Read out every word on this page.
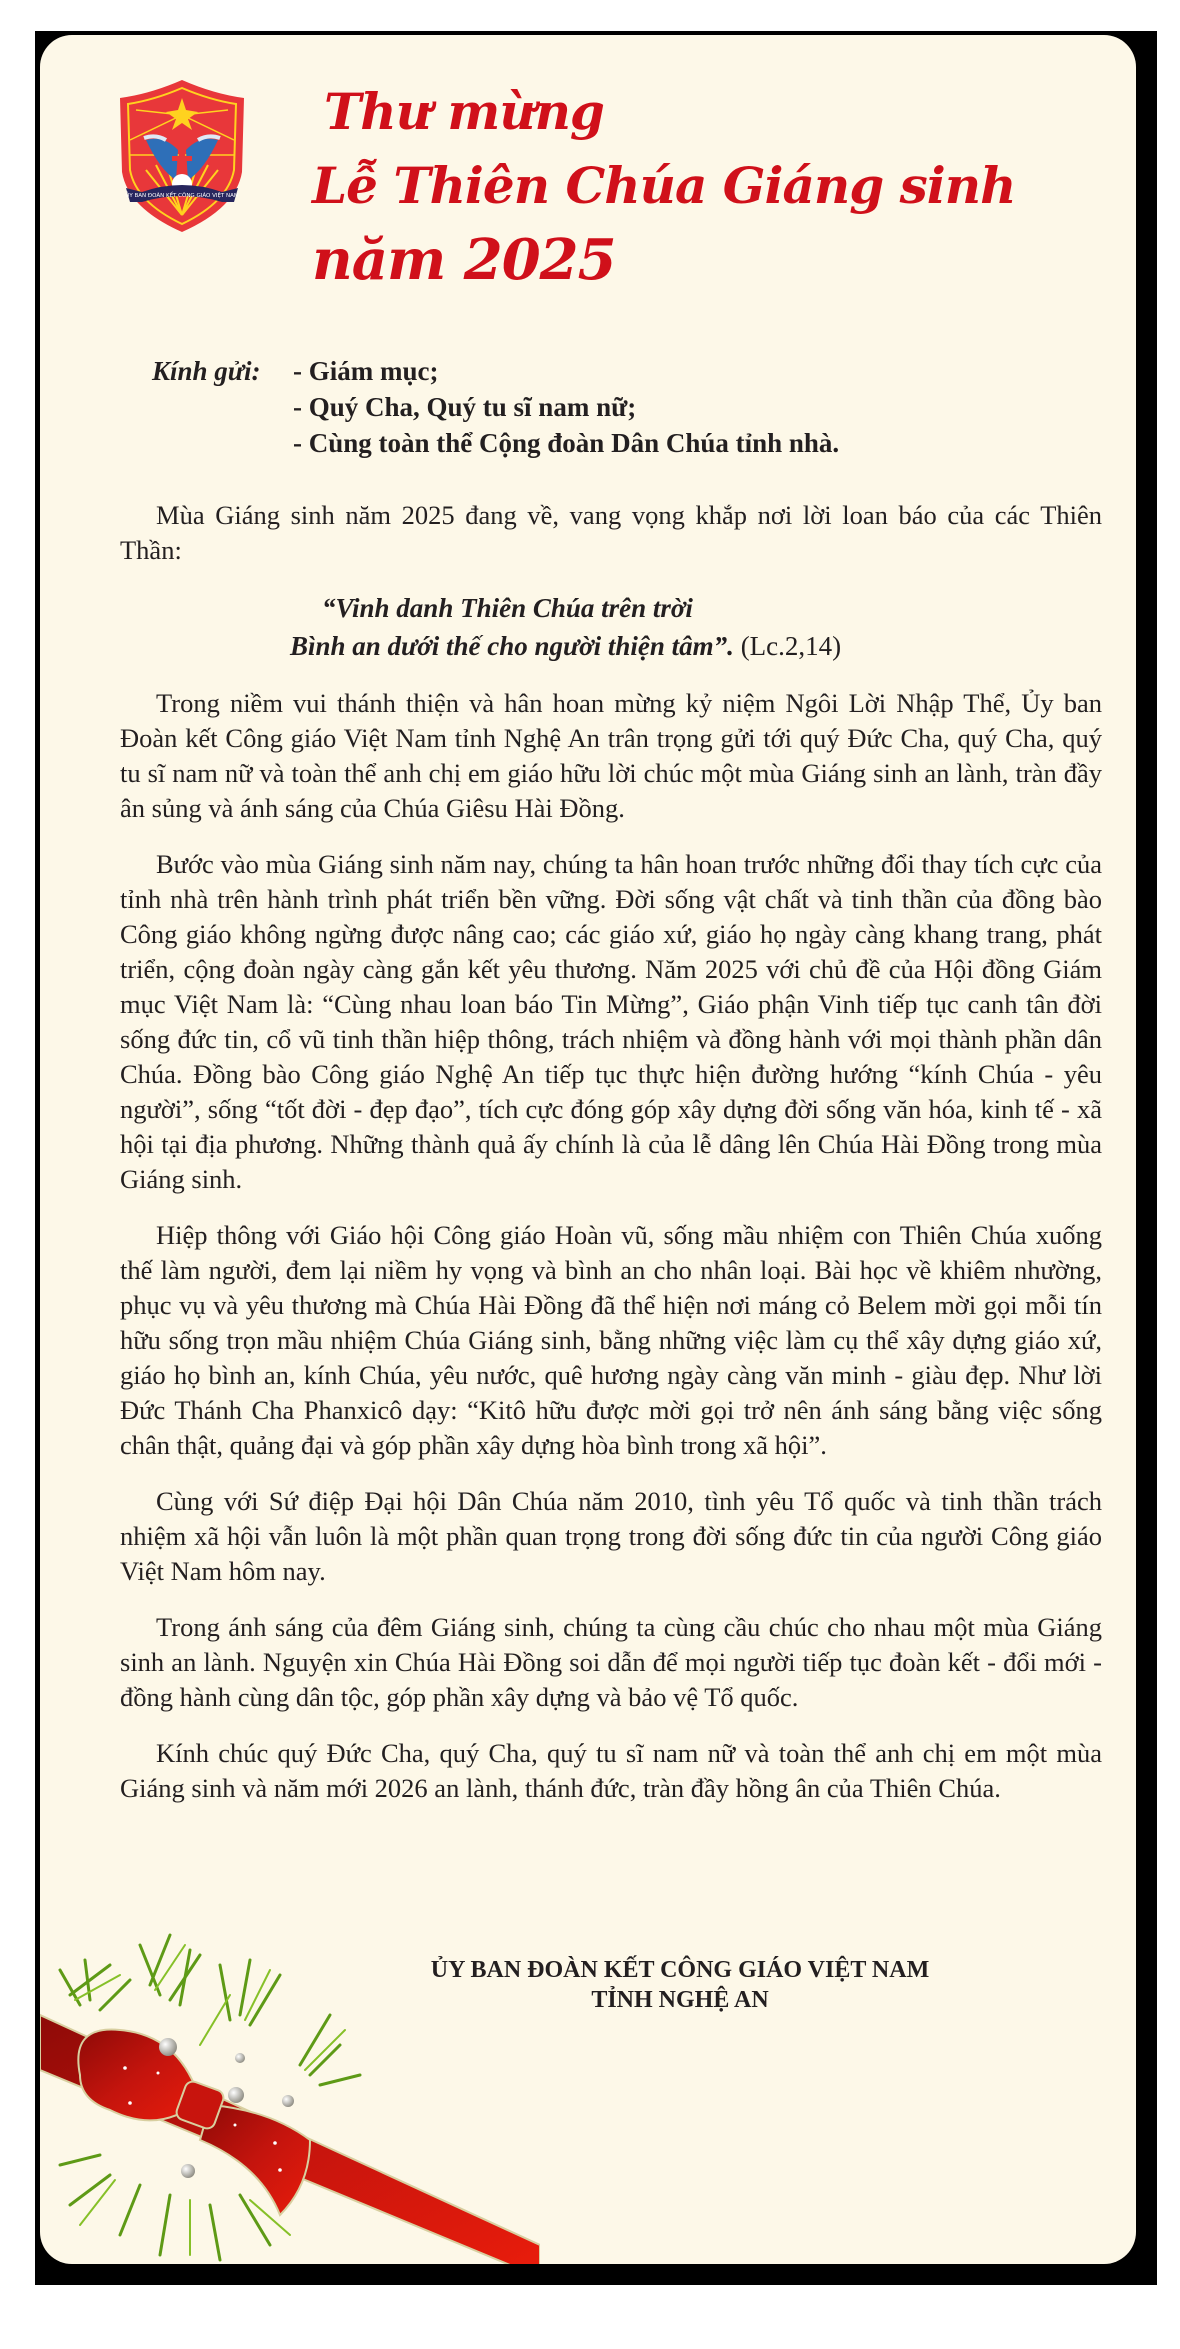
ỦY BAN ĐOÀN KẾT CÔNG GIÁO VIỆT NAM
Thư mừng
Lễ Thiên Chúa Giáng sinh
năm 2025
Kính gửi: - Giám mục;
- Quý Cha, Quý tu sĩ nam nữ;
- Cùng toàn thể Cộng đoàn Dân Chúa tỉnh nhà.

Mùa Giáng sinh năm 2025 đang về, vang vọng khắp nơi lời loan báo của các Thiên Thần:

“Vinh danh Thiên Chúa trên trời
Bình an dưới thế cho người thiện tâm”. (Lc.2,14)

Trong niềm vui thánh thiện và hân hoan mừng kỷ niệm Ngôi Lời Nhập Thể, Ủy ban Đoàn kết Công giáo Việt Nam tỉnh Nghệ An trân trọng gửi tới quý Đức Cha, quý Cha, quý tu sĩ nam nữ và toàn thể anh chị em giáo hữu lời chúc một mùa Giáng sinh an lành, tràn đầy ân sủng và ánh sáng của Chúa Giêsu Hài Đồng.

Bước vào mùa Giáng sinh năm nay, chúng ta hân hoan trước những đổi thay tích cực của tỉnh nhà trên hành trình phát triển bền vững. Đời sống vật chất và tinh thần của đồng bào Công giáo không ngừng được nâng cao; các giáo xứ, giáo họ ngày càng khang trang, phát triển, cộng đoàn ngày càng gắn kết yêu thương. Năm 2025 với chủ đề của Hội đồng Giám mục Việt Nam là: “Cùng nhau loan báo Tin Mừng”, Giáo phận Vinh tiếp tục canh tân đời sống đức tin, cổ vũ tinh thần hiệp thông, trách nhiệm và đồng hành với mọi thành phần dân Chúa. Đồng bào Công giáo Nghệ An tiếp tục thực hiện đường hướng “kính Chúa - yêu người”, sống “tốt đời - đẹp đạo”, tích cực đóng góp xây dựng đời sống văn hóa, kinh tế - xã hội tại địa phương. Những thành quả ấy chính là của lễ dâng lên Chúa Hài Đồng trong mùa Giáng sinh.

Hiệp thông với Giáo hội Công giáo Hoàn vũ, sống mầu nhiệm con Thiên Chúa xuống thế làm người, đem lại niềm hy vọng và bình an cho nhân loại. Bài học về khiêm nhường, phục vụ và yêu thương mà Chúa Hài Đồng đã thể hiện nơi máng cỏ Belem mời gọi mỗi tín hữu sống trọn mầu nhiệm Chúa Giáng sinh, bằng những việc làm cụ thể xây dựng giáo xứ, giáo họ bình an, kính Chúa, yêu nước, quê hương ngày càng văn minh - giàu đẹp. Như lời Đức Thánh Cha Phanxicô dạy: “Kitô hữu được mời gọi trở nên ánh sáng bằng việc sống chân thật, quảng đại và góp phần xây dựng hòa bình trong xã hội”.

Cùng với Sứ điệp Đại hội Dân Chúa năm 2010, tình yêu Tổ quốc và tinh thần trách nhiệm xã hội vẫn luôn là một phần quan trọng trong đời sống đức tin của người Công giáo Việt Nam hôm nay.

Trong ánh sáng của đêm Giáng sinh, chúng ta cùng cầu chúc cho nhau một mùa Giáng sinh an lành. Nguyện xin Chúa Hài Đồng soi dẫn để mọi người tiếp tục đoàn kết - đổi mới - đồng hành cùng dân tộc, góp phần xây dựng và bảo vệ Tổ quốc.

Kính chúc quý Đức Cha, quý Cha, quý tu sĩ nam nữ và toàn thể anh chị em một mùa Giáng sinh và năm mới 2026 an lành, thánh đức, tràn đầy hồng ân của Thiên Chúa.

ỦY BAN ĐOÀN KẾT CÔNG GIÁO VIỆT NAM
TỈNH NGHỆ AN
